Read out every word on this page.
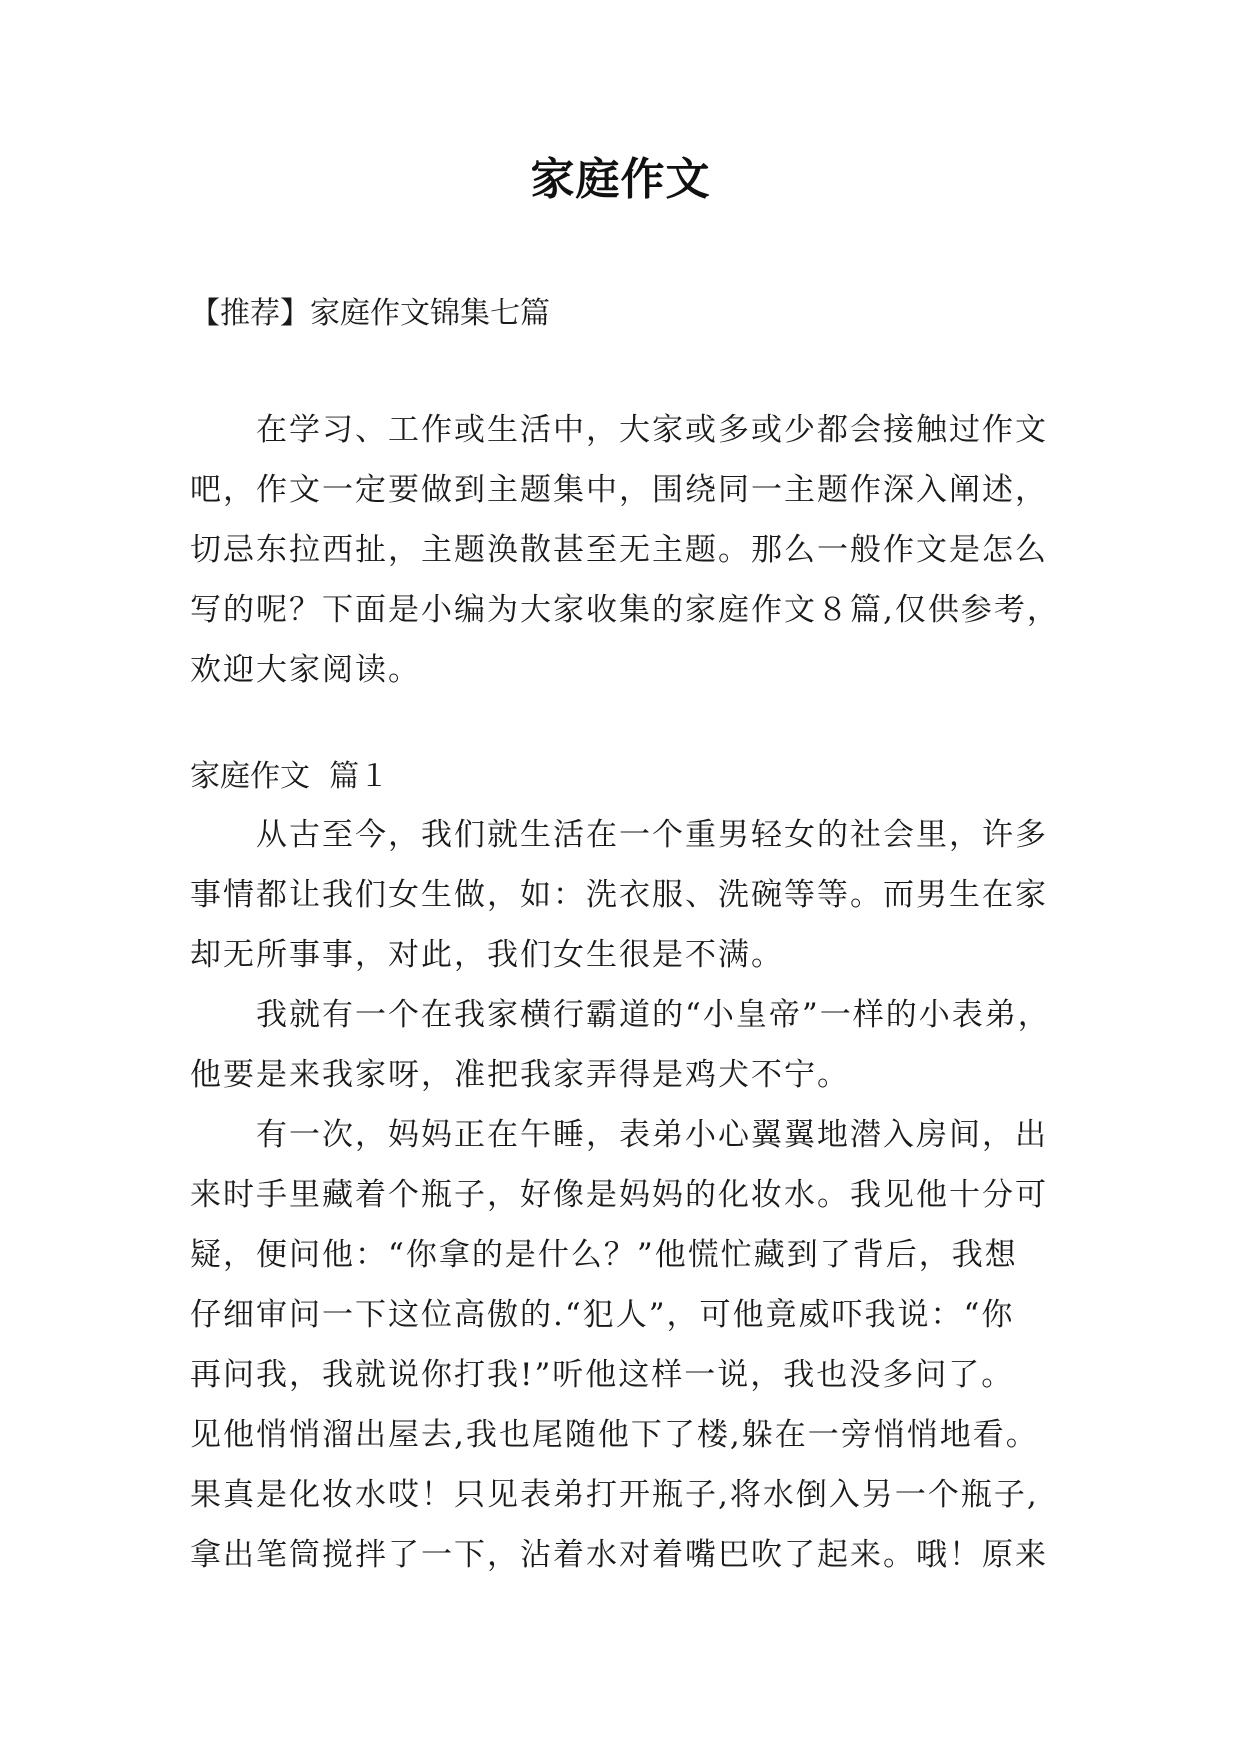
家庭作文
【推荐】家庭作文锦集七篇
　　在学习、工作或生活中，大家或多或少都会接触过作文
吧，作文一定要做到主题集中，围绕同一主题作深入阐述，
切忌东拉西扯，主题涣散甚至无主题。那么一般作文是怎么
写的呢？下面是小编为大家收集的家庭作文８篇,仅供参考，
欢迎大家阅读。
家庭作文  篇１
　　从古至今，我们就生活在一个重男轻女的社会里，许多
事情都让我们女生做，如：洗衣服、洗碗等等。而男生在家
却无所事事，对此，我们女生很是不满。
　　我就有一个在我家横行霸道的“小皇帝”一样的小表弟，
他要是来我家呀，准把我家弄得是鸡犬不宁。
　　有一次，妈妈正在午睡，表弟小心翼翼地潜入房间，出
来时手里藏着个瓶子，好像是妈妈的化妆水。我见他十分可
疑，便问他：“你拿的是什么？”他慌忙藏到了背后，我想
仔细审问一下这位高傲的.“犯人”，可他竟威吓我说：“你
再问我，我就说你打我!”听他这样一说，我也没多问了。
见他悄悄溜出屋去,我也尾随他下了楼,躲在一旁悄悄地看。
果真是化妆水哎！只见表弟打开瓶子,将水倒入另一个瓶子,
拿出笔筒搅拌了一下，沾着水对着嘴巴吹了起来。哦！原来
